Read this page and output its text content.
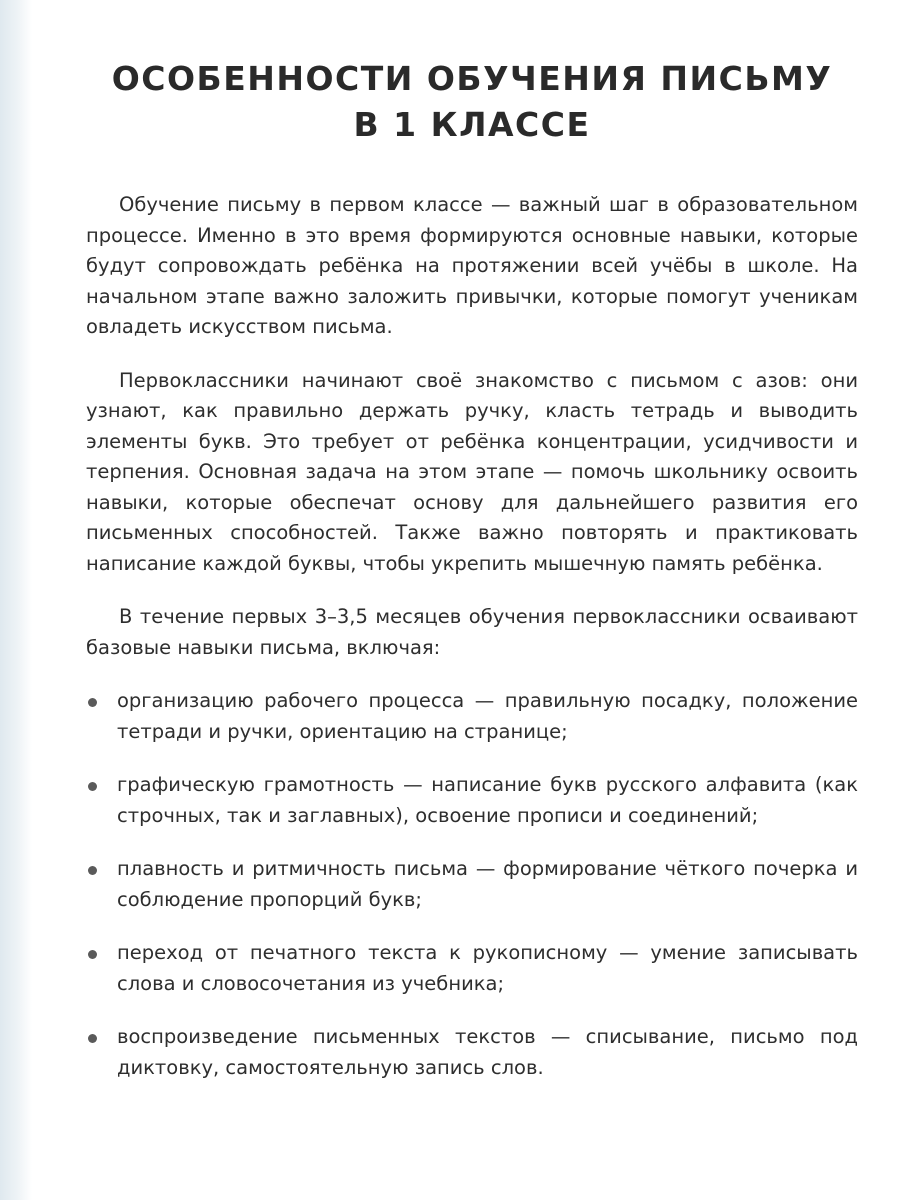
ОСОБЕННОСТИ ОБУЧЕНИЯ ПИСЬМУ
В 1 КЛАССЕ

Обучение письму в первом классе — важный шаг в образовательном процессе. Именно в это время формируются основные навыки, которые будут сопровождать ребёнка на протяжении всей учёбы в школе. На начальном этапе важно заложить привычки, которые помогут ученикам овладеть искусством письма.

Первоклассники начинают своё знакомство с письмом с азов: они узнают, как правильно держать ручку, класть тетрадь и выводить элементы букв. Это требует от ребёнка концентрации, усидчивости и терпения. Основная задача на этом этапе — помочь школьнику освоить навыки, которые обеспечат основу для дальнейшего развития его письменных способностей. Также важно повторять и практиковать написание каждой буквы, чтобы укрепить мышечную память ребёнка.

В течение первых 3–3,5 месяцев обучения первоклассники осваивают базовые навыки письма, включая:

организацию рабочего процесса — правильную посадку, положение тетради и ручки, ориентацию на странице;
графическую грамотность — написание букв русского алфавита (как строчных, так и заглавных), освоение прописи и соединений;
плавность и ритмичность письма — формирование чёткого почерка и соблюдение пропорций букв;
переход от печатного текста к рукописному — умение записывать слова и словосочетания из учебника;
воспроизведение письменных текстов — списывание, письмо под диктовку, самостоятельную запись слов.
